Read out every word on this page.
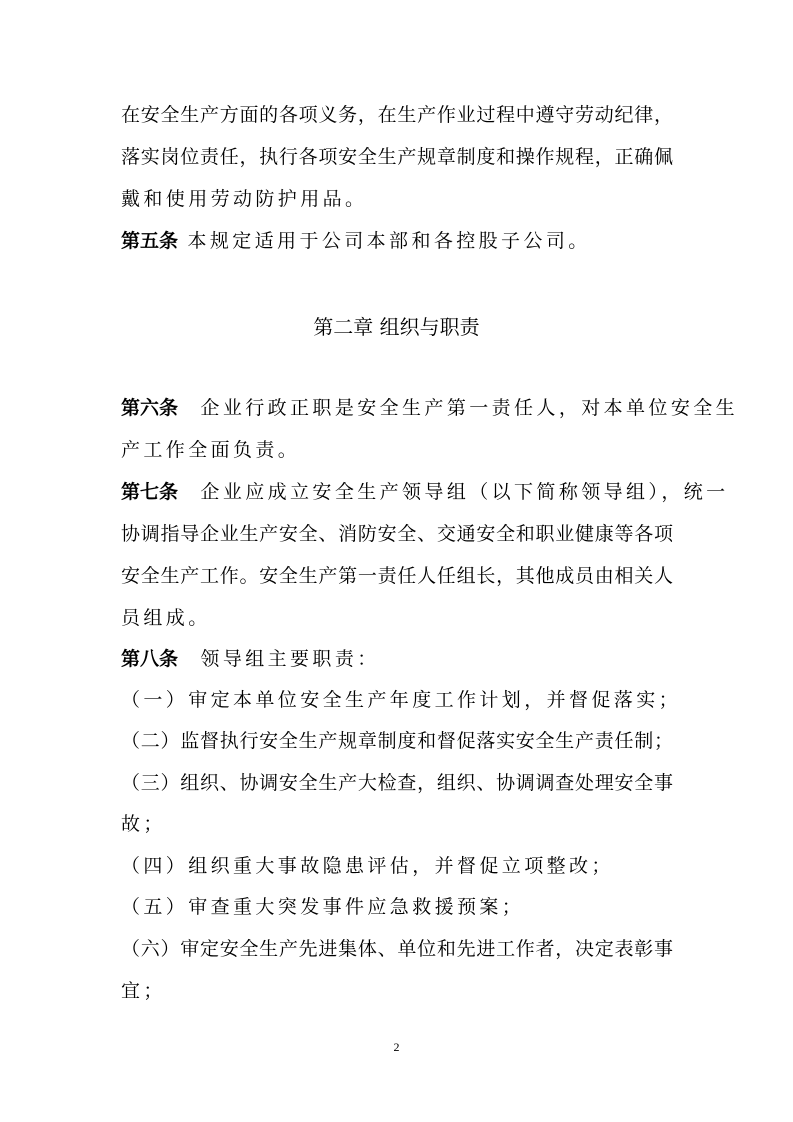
在安全生产方面的各项义务，在生产作业过程中遵守劳动纪律，
落实岗位责任，执行各项安全生产规章制度和操作规程，正确佩
戴和使用劳动防护用品。
第五条 本规定适用于公司本部和各控股子公司。
第二章 组织与职责
第六条　企业行政正职是安全生产第一责任人，对本单位安全生
产工作全面负责。
第七条　企业应成立安全生产领导组（以下简称领导组），统一
协调指导企业生产安全、消防安全、交通安全和职业健康等各项
安全生产工作。安全生产第一责任人任组长，其他成员由相关人
员组成。
第八条　领导组主要职责：
（一）审定本单位安全生产年度工作计划，并督促落实；
（二）监督执行安全生产规章制度和督促落实安全生产责任制；
（三）组织、协调安全生产大检查，组织、协调调查处理安全事
故；
（四）组织重大事故隐患评估，并督促立项整改；
（五）审查重大突发事件应急救援预案；
（六）审定安全生产先进集体、单位和先进工作者，决定表彰事
宜；
2
